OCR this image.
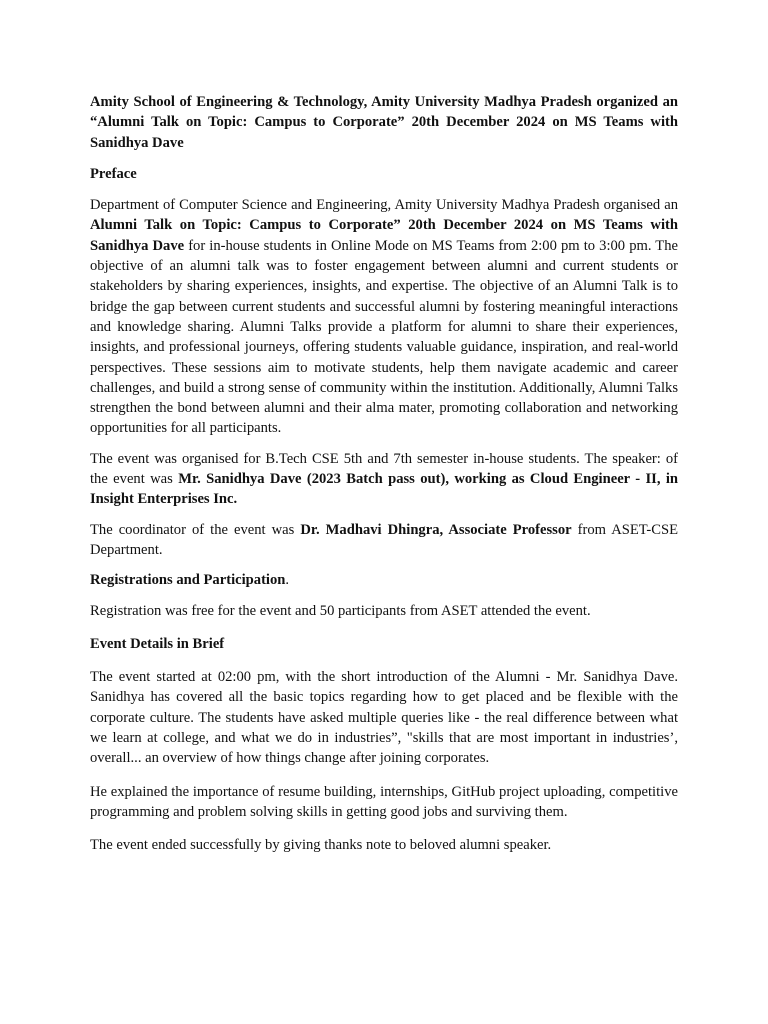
Amity School of Engineering & Technology, Amity University Madhya Pradesh organized an “Alumni Talk on Topic: Campus to Corporate” 20th December 2024 on MS Teams with Sanidhya Dave

Preface

Department of Computer Science and Engineering, Amity University Madhya Pradesh organised an Alumni Talk on Topic: Campus to Corporate” 20th December 2024 on MS Teams with Sanidhya Dave for in-house students in Online Mode on MS Teams from 2:00 pm to 3:00 pm. The objective of an alumni talk was to foster engagement between alumni and current students or stakeholders by sharing experiences, insights, and expertise. The objective of an Alumni Talk is to bridge the gap between current students and successful alumni by fostering meaningful interactions and knowledge sharing. Alumni Talks provide a platform for alumni to share their experiences, insights, and professional journeys, offering students valuable guidance, inspiration, and real-world perspectives. These sessions aim to motivate students, help them navigate academic and career challenges, and build a strong sense of community within the institution. Additionally, Alumni Talks strengthen the bond between alumni and their alma mater, promoting collaboration and networking opportunities for all participants.

The event was organised for B.Tech CSE 5th and 7th semester in-house students. The speaker: of the event was Mr. Sanidhya Dave (2023 Batch pass out), working as Cloud Engineer - II, in Insight Enterprises Inc.

The coordinator of the event was Dr. Madhavi Dhingra, Associate Professor from ASET-CSE Department.

Registrations and Participation.

Registration was free for the event and 50 participants from ASET attended the event.

Event Details in Brief

The event started at 02:00 pm, with the short introduction of the Alumni - Mr. Sanidhya Dave. Sanidhya has covered all the basic topics regarding how to get placed and be flexible with the corporate culture. The students have asked multiple queries like - the real difference between what we learn at college, and what we do in industries”, "skills that are most important in industries’, overall... an overview of how things change after joining corporates.

He explained the importance of resume building, internships, GitHub project uploading, competitive programming and problem solving skills in getting good jobs and surviving them.

The event ended successfully by giving thanks note to beloved alumni speaker.
